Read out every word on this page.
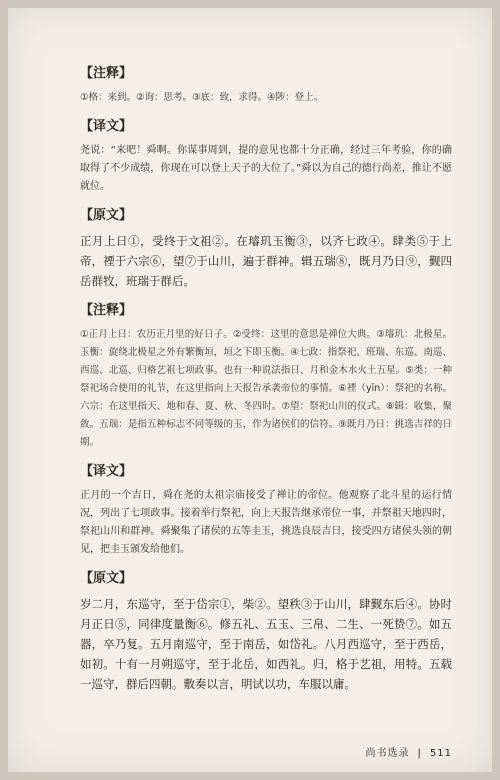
【注释】

①格：来到。②询：思考。③底：致，求得。④陟：登上。

【译文】

尧说：“来吧！舜啊。你谋事周到，提的意见也都十分正确，经过三年考验，你的确取得了不少成绩，你现在可以登上天子的大位了。”舜以为自己的德行尚差，推让不愿就位。

【原文】

正月上日①，受终于文祖②。在璿玑玉衡③，以齐七政④。肆类⑤于上帝，禋于六宗⑥，望⑦于山川，遍于群神。辑五瑞⑧，既月乃日⑨，觐四岳群牧，班瑞于群后。

【注释】

①正月上日：农历正月里的好日子。②受终：这里的意思是禅位大典。③璿玑：北极星。玉衡：旋绕北极星之外有繁衡垣，垣之下即玉衡。④七政：指祭祀、班瑞、东巡、南巡、西巡、北巡、归格艺祖七项政事。也有一种说法指日、月和金木水火土五星。⑤类：一种祭祀场合使用的礼节，在这里指向上天报告承袭帝位的事情。⑥禋（yīn）：祭祀的名称。六宗：在这里指天、地和春、夏、秋、冬四时。⑦望：祭祀山川的仪式。⑧辑：收集，聚敛。五瑞：是指五种标志不同等级的玉，作为诸侯们的信符。⑨既月乃日：挑选吉祥的日期。

【译文】

正月的一个吉日，舜在尧的太祖宗庙接受了禅让的帝位。他观察了北斗星的运行情况，列出了七项政事。接着举行祭祀，向上天报告继承帝位一事，并祭祖天地四时，祭祀山川和群神。舜聚集了诸侯的五等圭玉，挑选良辰吉日，接受四方诸侯头领的朝见，把圭玉颁发给他们。

【原文】

岁二月，东巡守，至于岱宗①，柴②。望秩③于山川，肆觐东后④。协时月正日⑤，同律度量衡⑥。修五礼、五玉、三帛、二生、一死贽⑦。如五器，卒乃复。五月南巡守，至于南岳，如岱礼。八月西巡守，至于西岳，如初。十有一月朔巡守，至于北岳，如西礼。归，格于艺祖，用特。五载一巡守，群后四朝。敷奏以言，明试以功，车服以庸。

尚书选录 | 511
